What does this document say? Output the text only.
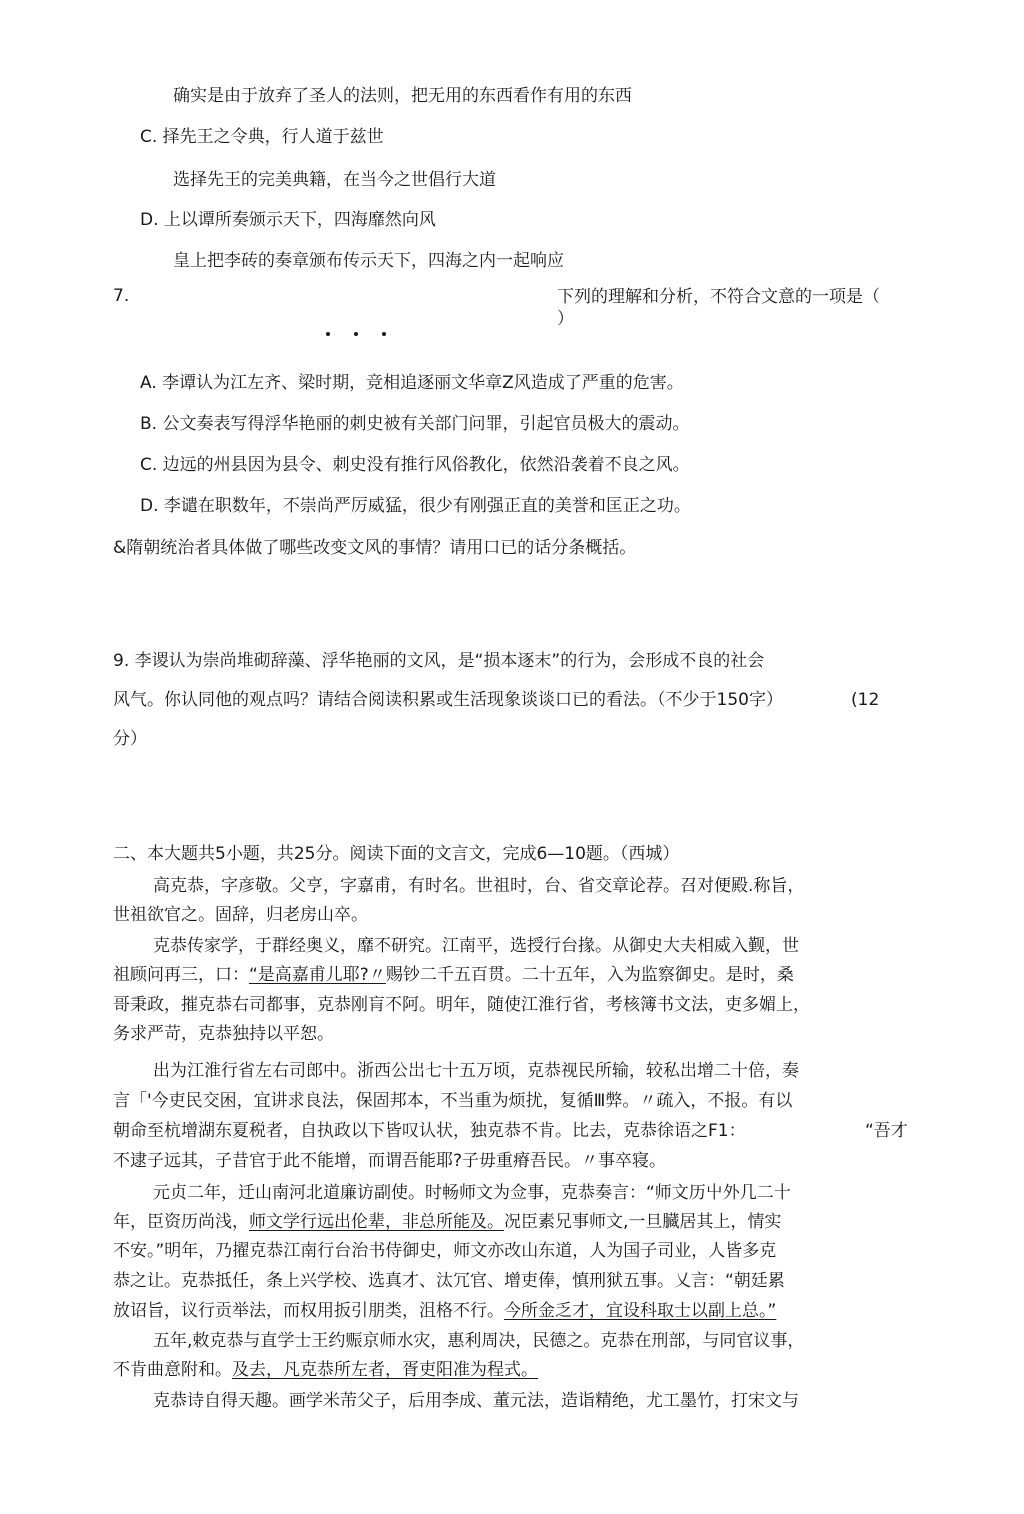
确实是由于放弃了圣人的法则，把无用的东西看作有用的东西
C. 择先王之令典，行人道于兹世
选择先王的完美典籍，在当今之世倡行大道
D. 上以谭所奏颁示天下，四海靡然向风
皇上把李砖的奏章颁布传示天下，四海之内一起响应
7.	下列的理解和分析，不符合文意的一项是（
）
A. 李谭认为江左齐、梁时期，竞相追逐丽文华章Z风造成了严重的危害。
B. 公文奏表写得浮华艳丽的刺史被有关部门问罪，引起官员极大的震动。
C. 边远的州县因为县令、刺史没有推行风俗教化，依然沿袭着不良之风。
D. 李谴在职数年，不崇尚严厉威猛，很少有刚强正直的美誉和匡正之功。
&隋朝统治者具体做了哪些改变文风的事情？请用口已的话分条概括。
9. 李谡认为崇尚堆砌辞藻、浮华艳丽的文风，是“损本逐末”的行为，会形成不良的社会
风气。你认同他的观点吗？请结合阅读积累或生活现象谈谈口已的看法。（不少于150字）	(12
分）
二、本大题共5小题，共25分。阅读下面的文言文，完成6—10题。（西城）
高克恭，字彦敬。父亨，字嘉甫，有时名。世祖时，台、省交章论荐。召对便殿.称旨，
世祖欲官之。固辞，归老房山卒。
克恭传家学，于群经奥义，靡不研究。江南平，选授行台掾。从御史大夫相威入觐，世
祖顾问再三，口：“是高嘉甫儿耶?〃赐钞二千五百贯。二十五年，入为监察御史。是时，桑
哥秉政，摧克恭右司都事，克恭刚肓不阿。明年，随使江淮行省，考核簿书文法，吏多媚上，
务求严苛，克恭独持以平恕。
出为江淮行省左右司郎中。浙西公岀七十五万顷，克恭视民所输，较私岀增二十倍，奏
言「'今吏民交困，宜讲求良法，保固邦本，不当重为烦扰，复循Ⅲ弊。〃疏入，不报。有以
朝命至杭增湖东夏税者，自执政以下皆叹认状，独克恭不肯。比去，克恭徐语之F1：	“吾才
不逮子远其，子昔官于此不能增，而谓吾能耶?子毋重瘠吾民。〃事卒寝。
元贞二年，迁山南河北道廉访副使。时畅师文为佥事，克恭奏言：“师文历屮外几二十
年，臣资历尚浅，师文学行远出伦辈，非总所能及。况臣素兄事师文,一旦臓居其上，情实
不安。”明年，乃擢克恭江南行台治书侍御史，师文亦改山东道，人为国子司业，人皆多克
恭之让。克恭抵任，条上兴学校、选真才、汰冗官、增吏俸，慎刑狱五事。乂言：“朝廷累
放诏旨，议行贡举法，而权用扳引朋类，沮格不行。今所金乏才，宜设科取士以副上总。”
五年,敕克恭与直学士王约赈京师水灾，惠利周决，民德之。克恭在刑部，与同官议事，
不肯曲意附和。及去，凡克恭所左者，胥吏阳准为程式。
克恭诗自得天趣。画学米芾父子，后用李成、董元法，造诣精绝，尤工墨竹，打宋文与
